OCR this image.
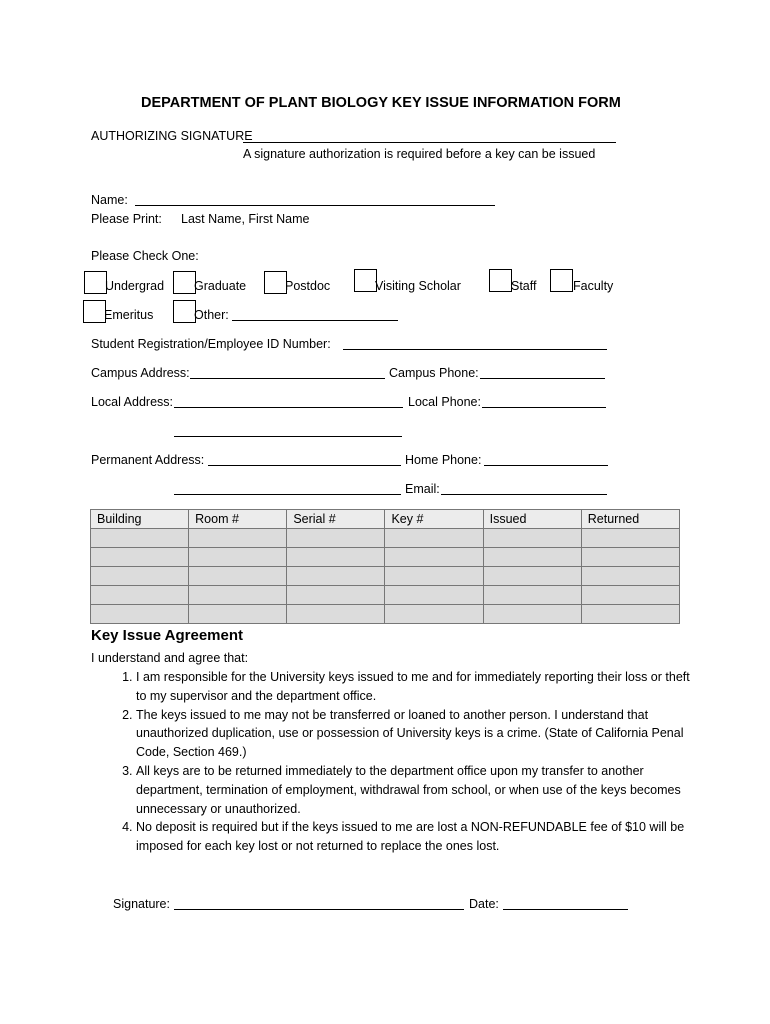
DEPARTMENT OF PLANT BIOLOGY KEY ISSUE INFORMATION FORM
AUTHORIZING SIGNATURE
A signature authorization is required before a key can be issued
Name:
Please Print: Last Name, First Name
Please Check One:
Undergrad Graduate	Postdoc	Visiting Scholar	Staff	Faculty
Emeritus	Other:
Student Registration/Employee ID Number:
Campus Address:	Campus Phone:
Local Address:	Local Phone:
Permanent Address:	Home Phone:
Email:
Building	Room #	Serial #	Key #	Issued	Returned

Key Issue Agreement
I understand and agree that:
1. I am responsible for the University keys issued to me and for immediately reporting their loss or theft to my supervisor and the department office.
2. The keys issued to me may not be transferred or loaned to another person. I understand that unauthorized duplication, use or possession of University keys is a crime. (State of California Penal Code, Section 469.)
3. All keys are to be returned immediately to the department office upon my transfer to another department, termination of employment, withdrawal from school, or when use of the keys becomes unnecessary or unauthorized.
4. No deposit is required but if the keys issued to me are lost a NON-REFUNDABLE fee of $10 will be imposed for each key lost or not returned to replace the ones lost.
Signature:	Date:
